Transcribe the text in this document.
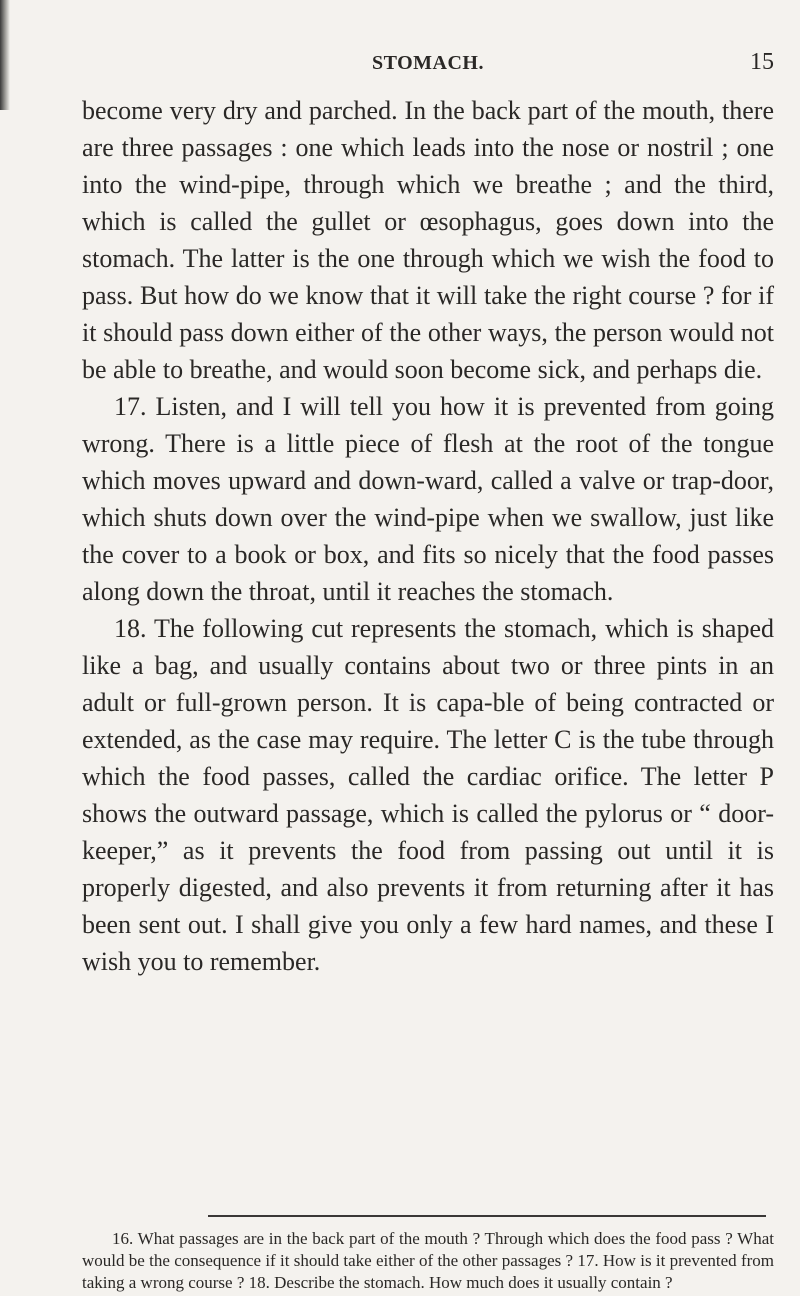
STOMACH.	15

become very dry and parched. In the back part of the mouth, there are three passages : one which leads into the nose or nostril ; one into the wind-pipe, through which we breathe ; and the third, which is called the gullet or œsophagus, goes down into the stomach. The latter is the one through which we wish the food to pass. But how do we know that it will take the right course ? for if it should pass down either of the other ways, the person would not be able to breathe, and would soon become sick, and perhaps die.

17. Listen, and I will tell you how it is prevented from going wrong. There is a little piece of flesh at the root of the tongue which moves upward and down-ward, called a valve or trap-door, which shuts down over the wind-pipe when we swallow, just like the cover to a book or box, and fits so nicely that the food passes along down the throat, until it reaches the stomach.

18. The following cut represents the stomach, which is shaped like a bag, and usually contains about two or three pints in an adult or full-grown person. It is capa-ble of being contracted or extended, as the case may require. The letter C is the tube through which the food passes, called the cardiac orifice. The letter P shows the outward passage, which is called the pylorus or “ door-keeper,” as it prevents the food from passing out until it is properly digested, and also prevents it from returning after it has been sent out. I shall give you only a few hard names, and these I wish you to remember.

16. What passages are in the back part of the mouth ? Through which does the food pass ? What would be the consequence if it should take either of the other passages ? 17. How is it prevented from taking a wrong course ? 18. Describe the stomach. How much does it usually contain ?
